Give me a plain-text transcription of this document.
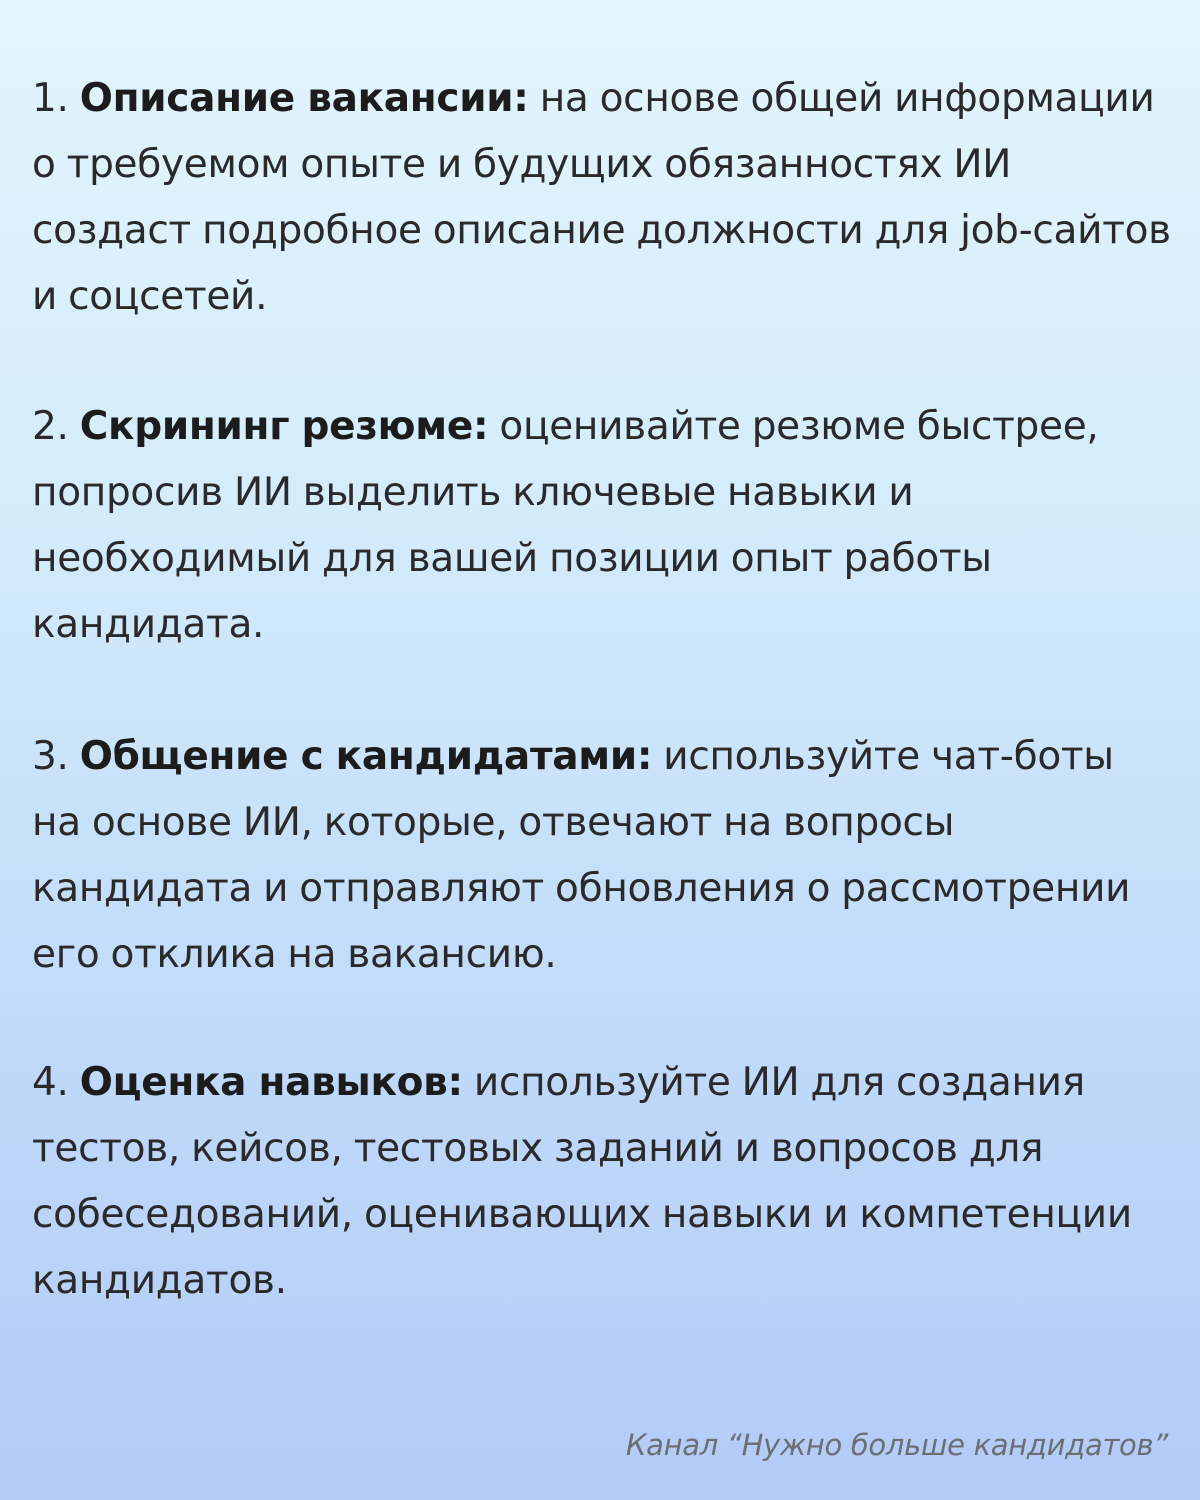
1. Описание вакансии: на основе общей информации о требуемом опыте и будущих обязанностях ИИ создаст подробное описание должности для job-сайтов и соцсетей.

2. Скрининг резюме: оценивайте резюме быстрее, попросив ИИ выделить ключевые навыки и необходимый для вашей позиции опыт работы кандидата.

3. Общение с кандидатами: используйте чат-боты на основе ИИ, которые, отвечают на вопросы кандидата и отправляют обновления о рассмотрении его отклика на вакансию.

4. Оценка навыков: используйте ИИ для создания тестов, кейсов, тестовых заданий и вопросов для собеседований, оценивающих навыки и компетенции кандидатов.

Канал “Нужно больше кандидатов”
